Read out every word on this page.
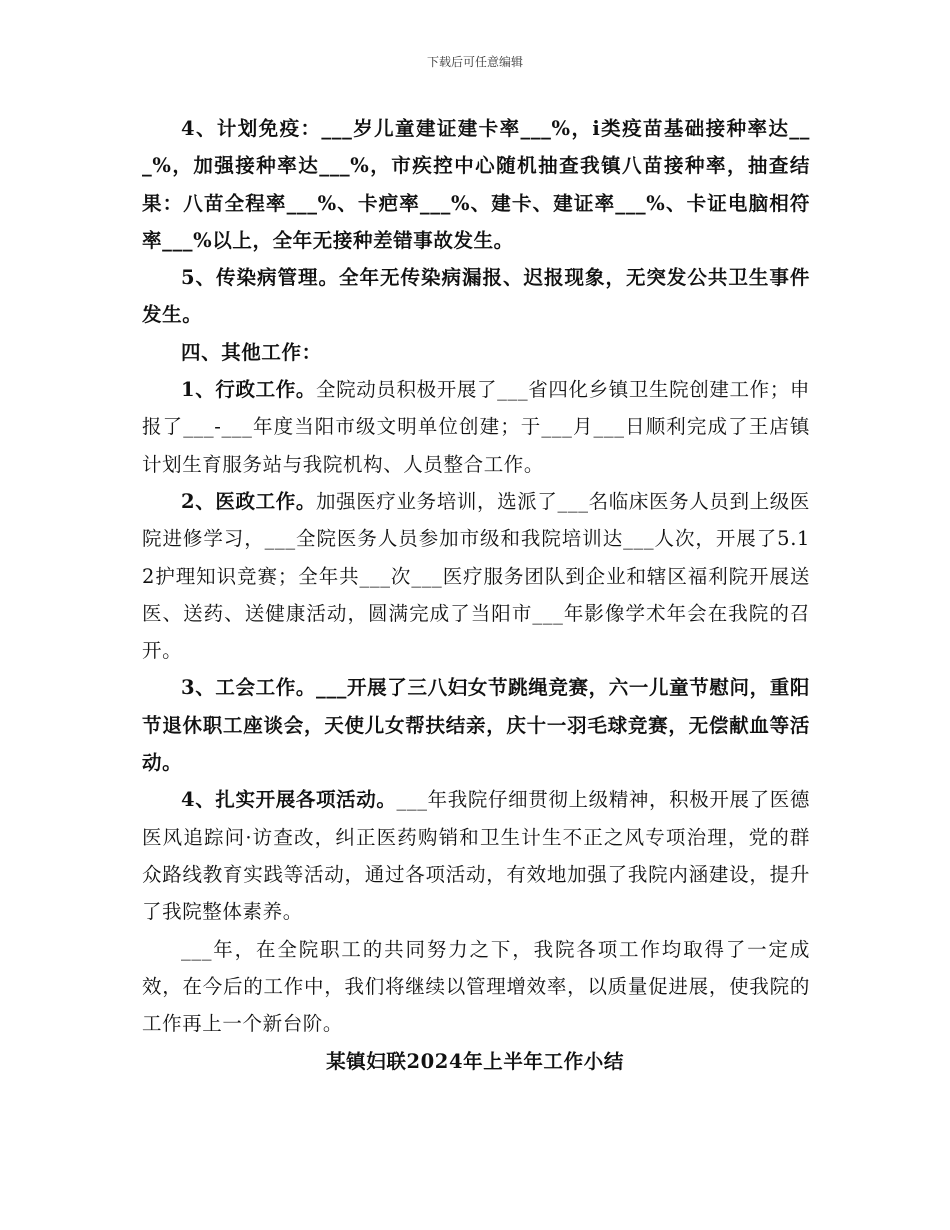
下载后可任意编辑

4、计划免疫：___岁儿童建证建卡率___%，i类疫苗基础接种率达___%，加强接种率达___%，市疾控中心随机抽查我镇八苗接种率，抽查结果：八苗全程率___%、卡疤率___%、建卡、建证率___%、卡证电脑相符率___%以上，全年无接种差错事故发生。

5、传染病管理。全年无传染病漏报、迟报现象，无突发公共卫生事件发生。

四、其他工作：

1、行政工作。全院动员积极开展了___省四化乡镇卫生院创建工作；申报了___-___年度当阳市级文明单位创建；于___月___日顺利完成了王店镇计划生育服务站与我院机构、人员整合工作。

2、医政工作。加强医疗业务培训，选派了___名临床医务人员到上级医院进修学习，___全院医务人员参加市级和我院培训达___人次，开展了5.12护理知识竞赛；全年共___次___医疗服务团队到企业和辖区福利院开展送医、送药、送健康活动，圆满完成了当阳市___年影像学术年会在我院的召开。

3、工会工作。___开展了三八妇女节跳绳竞赛，六一儿童节慰问，重阳节退休职工座谈会，天使儿女帮扶结亲，庆十一羽毛球竞赛，无偿献血等活动。

4、扎实开展各项活动。___年我院仔细贯彻上级精神，积极开展了医德医风追踪问·访查改，纠正医药购销和卫生计生不正之风专项治理，党的群众路线教育实践等活动，通过各项活动，有效地加强了我院内涵建设，提升了我院整体素养。

___年，在全院职工的共同努力之下，我院各项工作均取得了一定成效，在今后的工作中，我们将继续以管理增效率，以质量促进展，使我院的工作再上一个新台阶。

某镇妇联2024年上半年工作小结
